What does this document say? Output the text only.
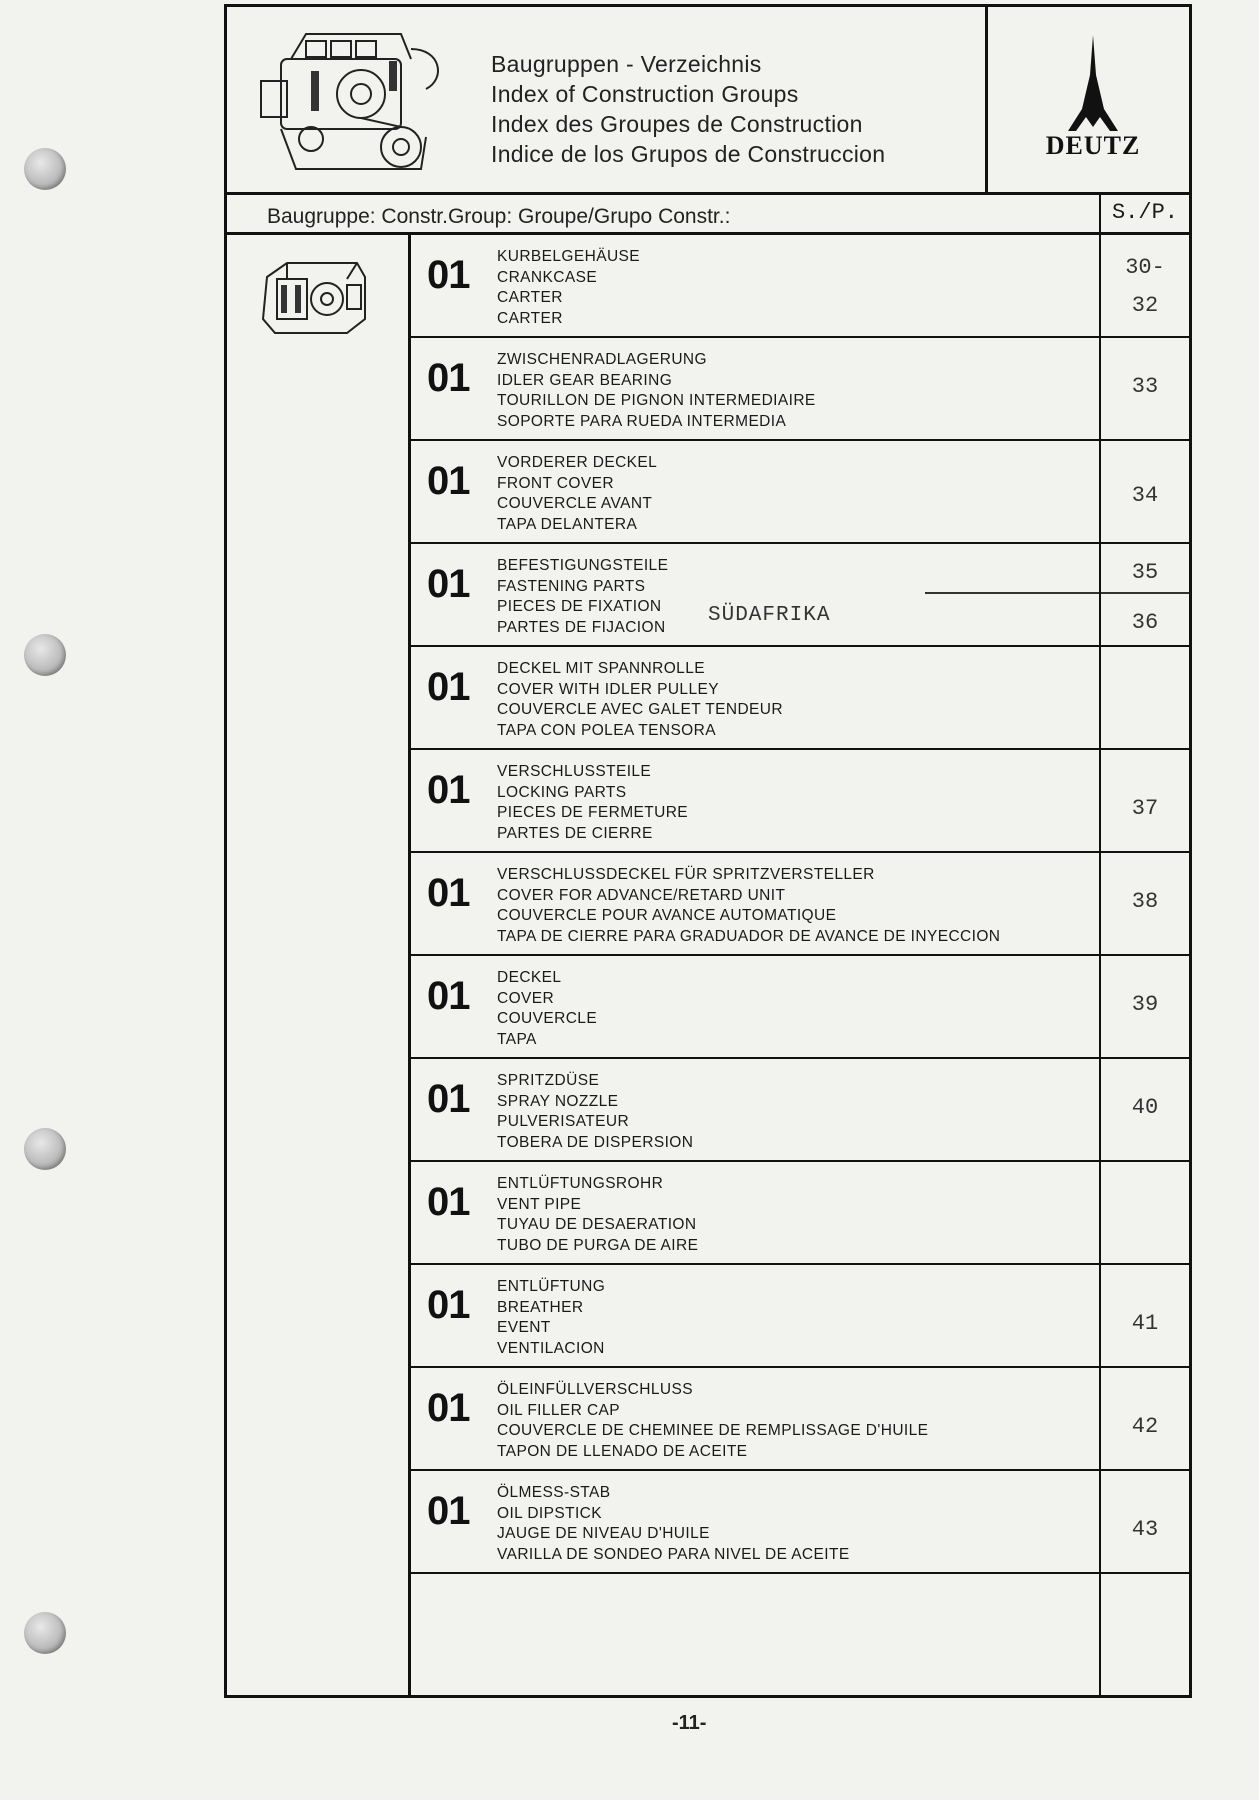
Baugruppen - Verzeichnis
Index of Construction Groups
Index des Groupes de Construction
Indice de los Grupos de Construccion	DEUTZ
Baugruppe: Constr.Group: Groupe/Grupo Constr.:	S./P.
01 KURBELGEHÄUSE
CRANKCASE
CARTER
CARTER
30-
32
01 ZWISCHENRADLAGERUNG
IDLER GEAR BEARING
TOURILLON DE PIGNON INTERMEDIAIRE
SOPORTE PARA RUEDA INTERMEDIA
33
01 VORDERER DECKEL
FRONT COVER
COUVERCLE AVANT
TAPA DELANTERA
34
01 BEFESTIGUNGSTEILE
FASTENING PARTS
PIECES DE FIXATION
PARTES DE FIJACION SÜDAFRIKA
35
36
01 DECKEL MIT SPANNROLLE
COVER WITH IDLER PULLEY
COUVERCLE AVEC GALET TENDEUR
TAPA CON POLEA TENSORA
01 VERSCHLUSSTEILE
LOCKING PARTS
PIECES DE FERMETURE
PARTES DE CIERRE
37
01 VERSCHLUSSDECKEL FÜR SPRITZVERSTELLER
COVER FOR ADVANCE/RETARD UNIT
COUVERCLE POUR AVANCE AUTOMATIQUE
TAPA DE CIERRE PARA GRADUADOR DE AVANCE DE INYECCION
38
01 DECKEL
COVER
COUVERCLE
TAPA
39
01 SPRITZDÜSE
SPRAY NOZZLE
PULVERISATEUR
TOBERA DE DISPERSION
40
01 ENTLÜFTUNGSROHR
VENT PIPE
TUYAU DE DESAERATION
TUBO DE PURGA DE AIRE
01 ENTLÜFTUNG
BREATHER
EVENT
VENTILACION
41
01 ÖLEINFÜLLVERSCHLUSS
OIL FILLER CAP
COUVERCLE DE CHEMINEE DE REMPLISSAGE D'HUILE
TAPON DE LLENADO DE ACEITE
42
01 ÖLMESS-STAB
OIL DIPSTICK
JAUGE DE NIVEAU D'HUILE
VARILLA DE SONDEO PARA NIVEL DE ACEITE
43
-11-
